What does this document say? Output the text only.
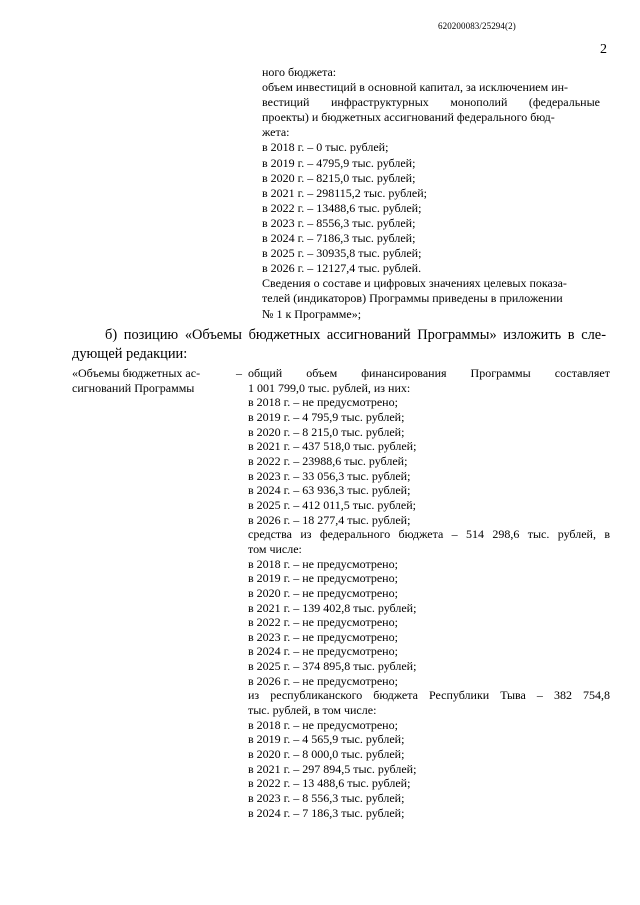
620200083/25294(2)
2
ного бюджета:
объем инвестиций в основной капитал, за исключением ин-
вестиций инфраструктурных монополий (федеральные
проекты) и бюджетных ассигнований федерального бюд-
жета:
в 2018 г. – 0 тыс. рублей;
в 2019 г. – 4795,9 тыс. рублей;
в 2020 г. – 8215,0 тыс. рублей;
в 2021 г. – 298115,2 тыс. рублей;
в 2022 г. – 13488,6 тыс. рублей;
в 2023 г. – 8556,3 тыс. рублей;
в 2024 г. – 7186,3 тыс. рублей;
в 2025 г. – 30935,8 тыс. рублей;
в 2026 г. – 12127,4 тыс. рублей.
Сведения о составе и цифровых значениях целевых показа-
телей (индикаторов) Программы приведены в приложении
№ 1 к Программе»;
б) позицию «Объемы бюджетных ассигнований Программы» изложить в сле-
дующей редакции:
«Объемы бюджетных ас-
сигнований Программы
– общий объем финансирования Программы составляет
1 001 799,0 тыс. рублей, из них:
в 2018 г. – не предусмотрено;
в 2019 г. – 4 795,9 тыс. рублей;
в 2020 г. – 8 215,0 тыс. рублей;
в 2021 г. – 437 518,0 тыс. рублей;
в 2022 г. – 23988,6 тыс. рублей;
в 2023 г. – 33 056,3 тыс. рублей;
в 2024 г. – 63 936,3 тыс. рублей;
в 2025 г. – 412 011,5 тыс. рублей;
в 2026 г. – 18 277,4 тыс. рублей;
средства из федерального бюджета – 514 298,6 тыс. рублей, в
том числе:
в 2018 г. – не предусмотрено;
в 2019 г. – не предусмотрено;
в 2020 г. – не предусмотрено;
в 2021 г. – 139 402,8 тыс. рублей;
в 2022 г. – не предусмотрено;
в 2023 г. – не предусмотрено;
в 2024 г. – не предусмотрено;
в 2025 г. – 374 895,8 тыс. рублей;
в 2026 г. – не предусмотрено;
из республиканского бюджета Республики Тыва – 382 754,8
тыс. рублей, в том числе:
в 2018 г. – не предусмотрено;
в 2019 г. – 4 565,9 тыс. рублей;
в 2020 г. – 8 000,0 тыс. рублей;
в 2021 г. – 297 894,5 тыс. рублей;
в 2022 г. – 13 488,6 тыс. рублей;
в 2023 г. – 8 556,3 тыс. рублей;
в 2024 г. – 7 186,3 тыс. рублей;
